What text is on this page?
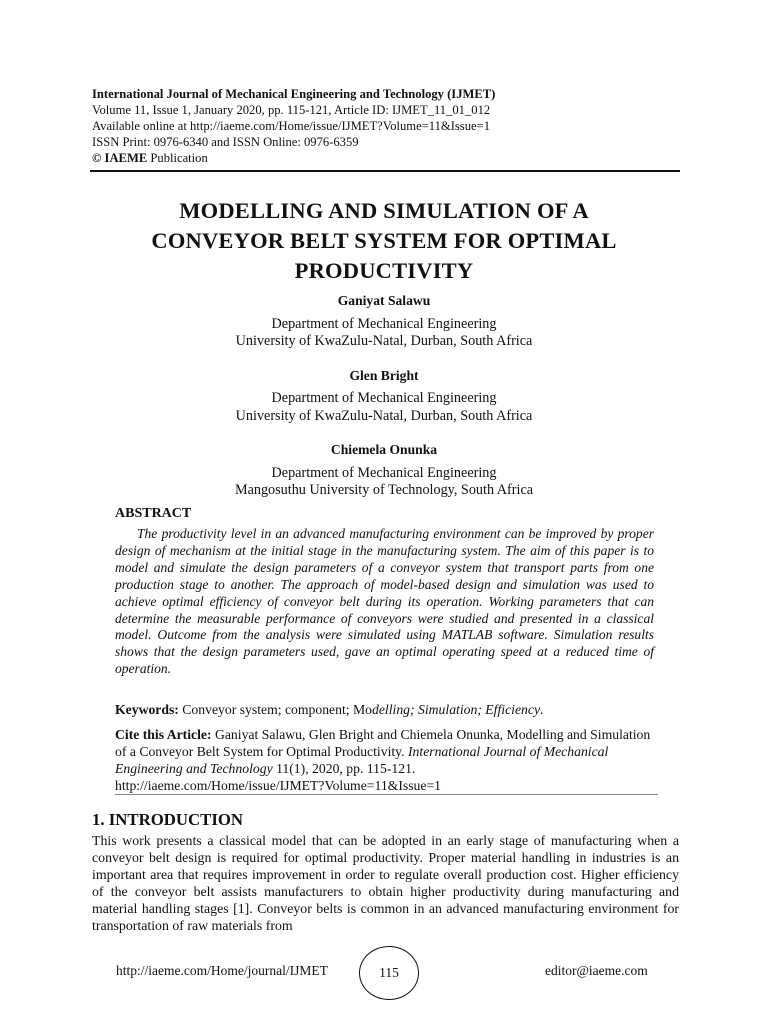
International Journal of Mechanical Engineering and Technology (IJMET)
Volume 11, Issue 1, January 2020, pp. 115-121, Article ID: IJMET_11_01_012
Available online at http://iaeme.com/Home/issue/IJMET?Volume=11&Issue=1
ISSN Print: 0976-6340 and ISSN Online: 0976-6359
© IAEME Publication
MODELLING AND SIMULATION OF A
CONVEYOR BELT SYSTEM FOR OPTIMAL
PRODUCTIVITY
Ganiyat Salawu
Department of Mechanical Engineering
University of KwaZulu-Natal, Durban, South Africa
Glen Bright
Department of Mechanical Engineering
University of KwaZulu-Natal, Durban, South Africa
Chiemela Onunka
Department of Mechanical Engineering
Mangosuthu University of Technology, South Africa
ABSTRACT
The productivity level in an advanced manufacturing environment can be improved by proper design of mechanism at the initial stage in the manufacturing system. The aim of this paper is to model and simulate the design parameters of a conveyor system that transport parts from one production stage to another. The approach of model-based design and simulation was used to achieve optimal efficiency of conveyor belt during its operation. Working parameters that can determine the measurable performance of conveyors were studied and presented in a classical model. Outcome from the analysis were simulated using MATLAB software. Simulation results shows that the design parameters used, gave an optimal operating speed at a reduced time of operation.
Keywords: Conveyor system; component; Modelling; Simulation; Efficiency.
Cite this Article: Ganiyat Salawu, Glen Bright and Chiemela Onunka, Modelling and Simulation of a Conveyor Belt System for Optimal Productivity. International Journal of Mechanical Engineering and Technology 11(1), 2020, pp. 115-121.
http://iaeme.com/Home/issue/IJMET?Volume=11&Issue=1
1. INTRODUCTION
This work presents a classical model that can be adopted in an early stage of manufacturing when a conveyor belt design is required for optimal productivity. Proper material handling in industries is an important area that requires improvement in order to regulate overall production cost. Higher efficiency of the conveyor belt assists manufacturers to obtain higher productivity during manufacturing and material handling stages [1]. Conveyor belts is common in an advanced manufacturing environment for transportation of raw materials from
http://iaeme.com/Home/journal/IJMET	115	editor@iaeme.com
